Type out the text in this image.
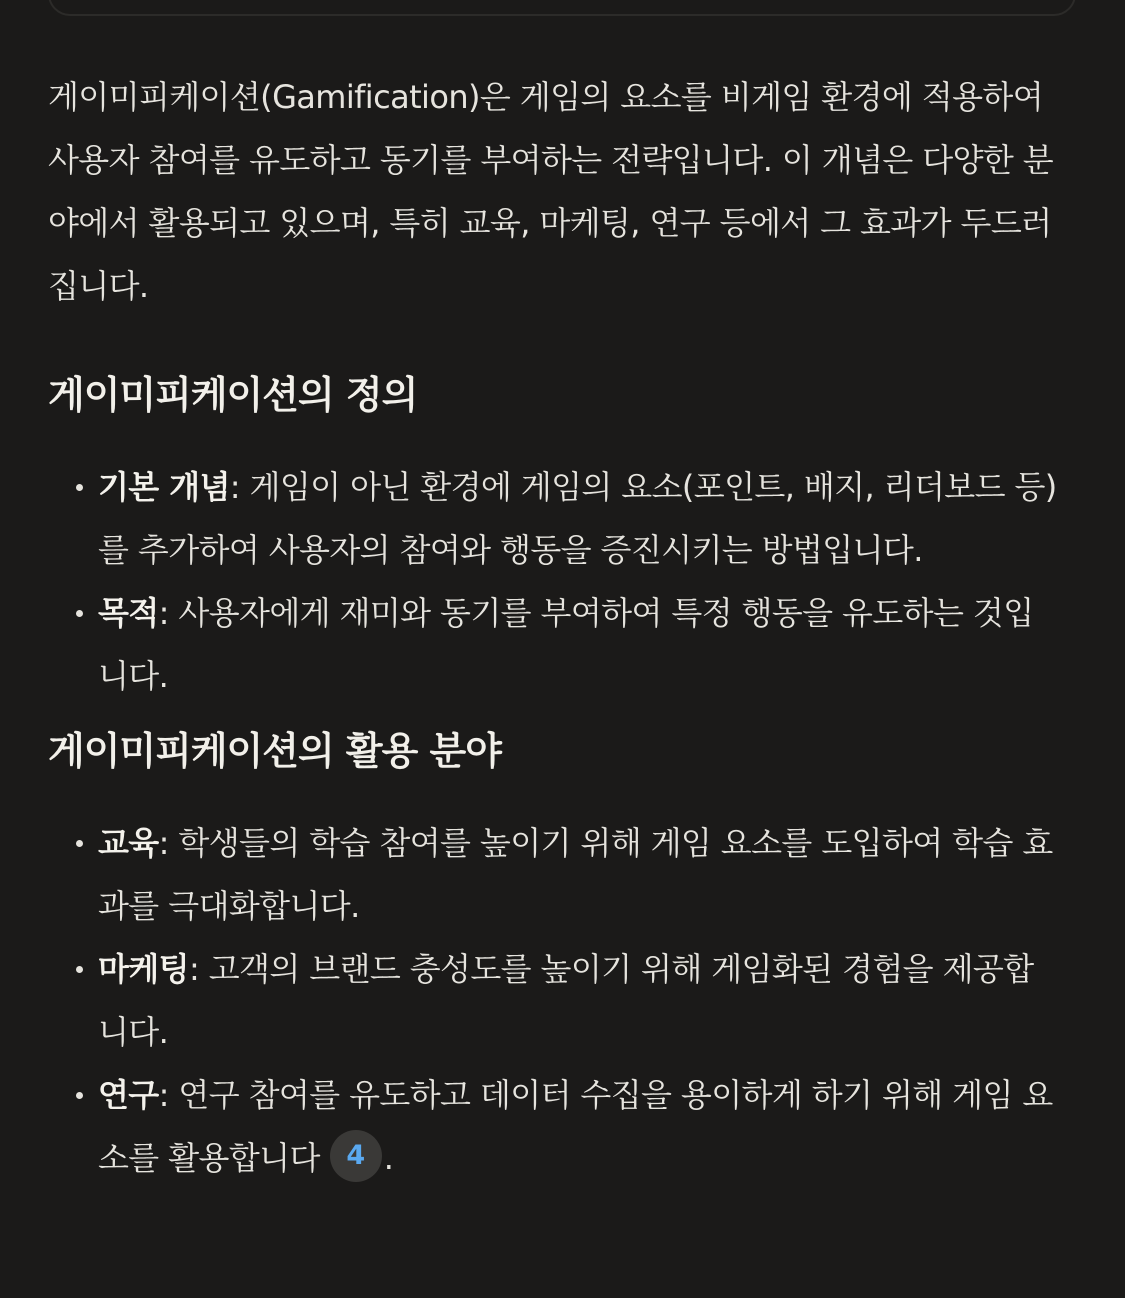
게이미피케이션(Gamification)은 게임의 요소를 비게임 환경에 적용하여 사용자 참여를 유도하고 동기를 부여하는 전략입니다. 이 개념은 다양한 분야에서 활용되고 있으며, 특히 교육, 마케팅, 연구 등에서 그 효과가 두드러집니다.

게이미피케이션의 정의
기본 개념: 게임이 아닌 환경에 게임의 요소(포인트, 배지, 리더보드 등)를 추가하여 사용자의 참여와 행동을 증진시키는 방법입니다.
목적: 사용자에게 재미와 동기를 부여하여 특정 행동을 유도하는 것입니다.
게이미피케이션의 활용 분야
교육: 학생들의 학습 참여를 높이기 위해 게임 요소를 도입하여 학습 효과를 극대화합니다.
마케팅: 고객의 브랜드 충성도를 높이기 위해 게임화된 경험을 제공합니다.
연구: 연구 참여를 유도하고 데이터 수집을 용이하게 하기 위해 게임 요소를 활용합니다 4 .
